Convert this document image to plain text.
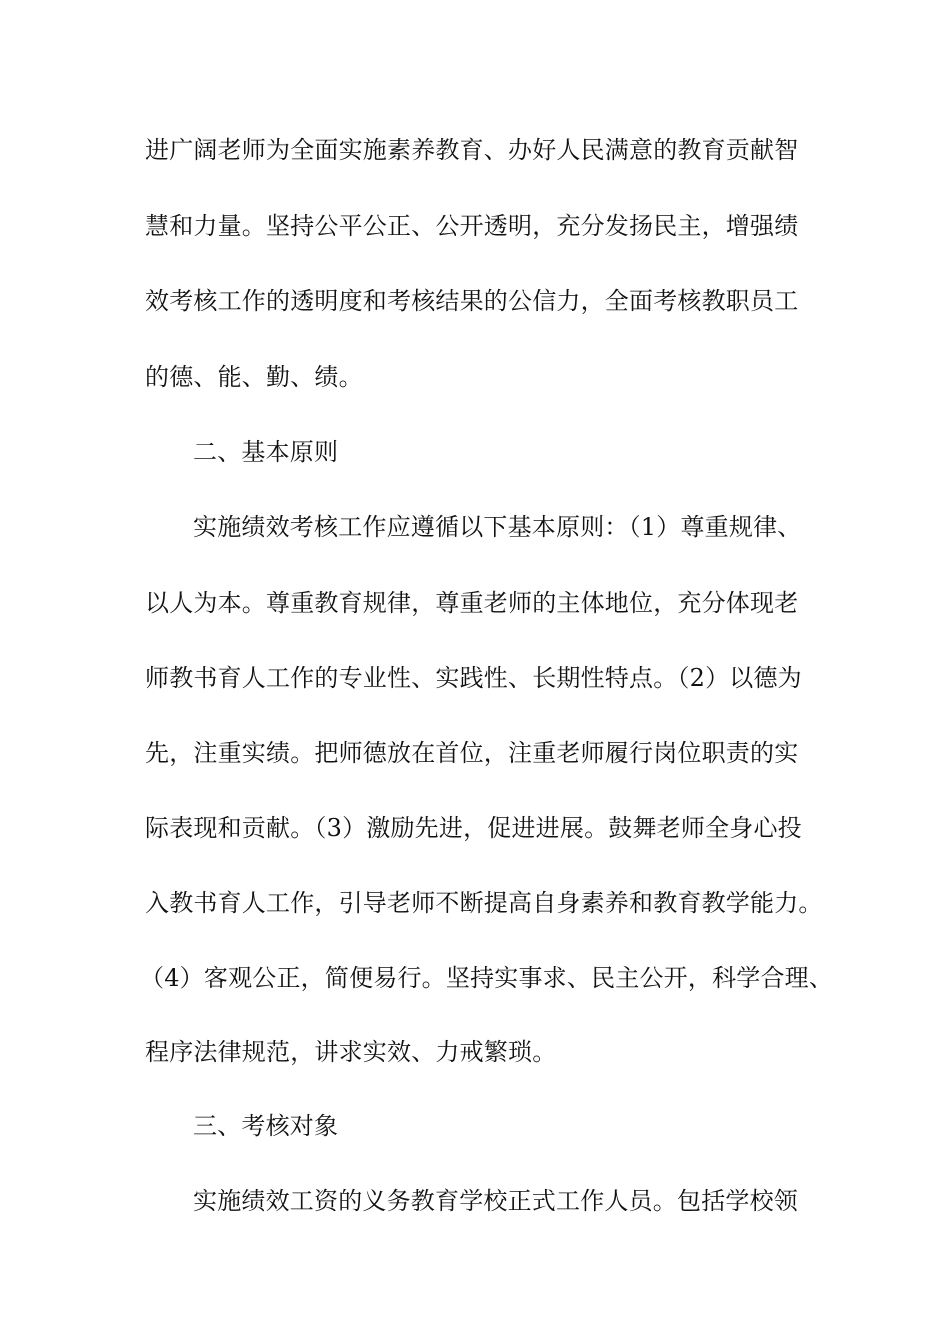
进广阔老师为全面实施素养教育、办好人民满意的教育贡献智
慧和力量。坚持公平公正、公开透明，充分发扬民主，增强绩
效考核工作的透明度和考核结果的公信力，全面考核教职员工
的德、能、勤、绩。
二、基本原则
实施绩效考核工作应遵循以下基本原则：（1）尊重规律、
以人为本。尊重教育规律，尊重老师的主体地位，充分体现老
师教书育人工作的专业性、实践性、长期性特点。（2）以德为
先，注重实绩。把师德放在首位，注重老师履行岗位职责的实
际表现和贡献。（3）激励先进，促进进展。鼓舞老师全身心投
入教书育人工作，引导老师不断提高自身素养和教育教学能力。
（4）客观公正，简便易行。坚持实事求、民主公开，科学合理、
程序法律规范，讲求实效、力戒繁琐。
三、考核对象
实施绩效工资的义务教育学校正式工作人员。包括学校领
